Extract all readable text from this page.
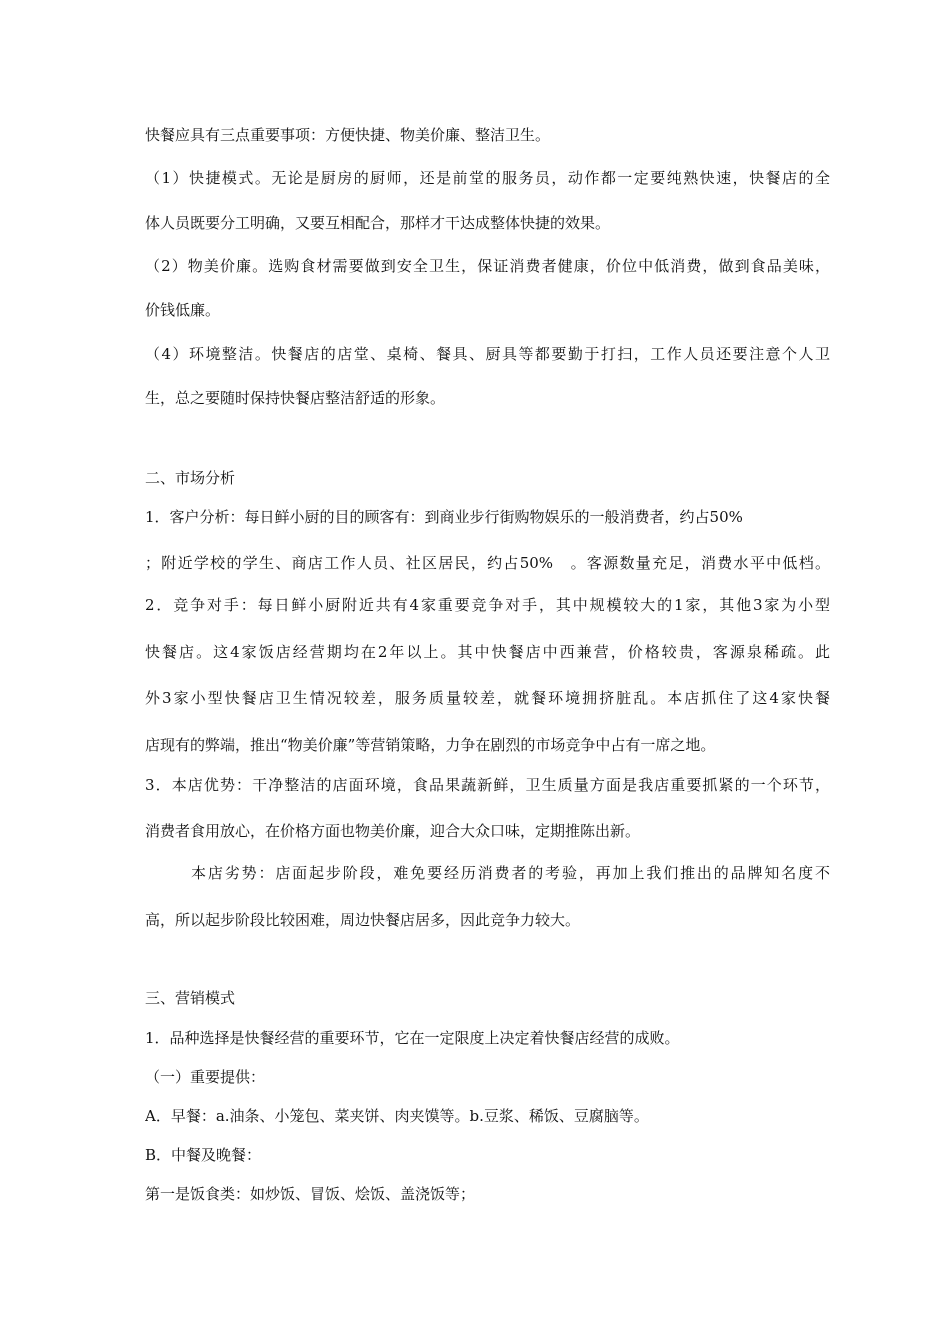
快餐应具有三点重要事项：方便快捷、物美价廉、整洁卫生。
（1）快捷模式。无论是厨房的厨师，还是前堂的服务员，动作都一定要纯熟快速，快餐店的全
体人员既要分工明确，又要互相配合，那样才干达成整体快捷的效果。
（2）物美价廉。选购食材需要做到安全卫生，保证消费者健康，价位中低消费，做到食品美味，
价钱低廉。
（4）环境整洁。快餐店的店堂、桌椅、餐具、厨具等都要勤于打扫，工作人员还要注意个人卫
生，总之要随时保持快餐店整洁舒适的形象。
二、市场分析
1．客户分析：每日鲜小厨的目的顾客有：到商业步行街购物娱乐的一般消费者，约占50%
；附近学校的学生、商店工作人员、社区居民，约占50%　。客源数量充足，消费水平中低档。
2．竞争对手：每日鲜小厨附近共有4家重要竞争对手，其中规模较大的1家，其他3家为小型
快餐店。这4家饭店经营期均在2年以上。其中快餐店中西兼营，价格较贵，客源泉稀疏。此
外3家小型快餐店卫生情况较差，服务质量较差，就餐环境拥挤脏乱。本店抓住了这4家快餐
店现有的弊端，推出“物美价廉”等营销策略，力争在剧烈的市场竞争中占有一席之地。
3．本店优势：干净整洁的店面环境，食品果蔬新鲜，卫生质量方面是我店重要抓紧的一个环节，
消费者食用放心，在价格方面也物美价廉，迎合大众口味，定期推陈出新。
本店劣势：店面起步阶段，难免要经历消费者的考验，再加上我们推出的品牌知名度不
高，所以起步阶段比较困难，周边快餐店居多，因此竞争力较大。
三、营销模式
1．品种选择是快餐经营的重要环节，它在一定限度上决定着快餐店经营的成败。
（一）重要提供：
A．早餐：a.油条、小笼包、菜夹饼、肉夹馍等。b.豆浆、稀饭、豆腐脑等。
B．中餐及晚餐：
第一是饭食类：如炒饭、冒饭、烩饭、盖浇饭等；
